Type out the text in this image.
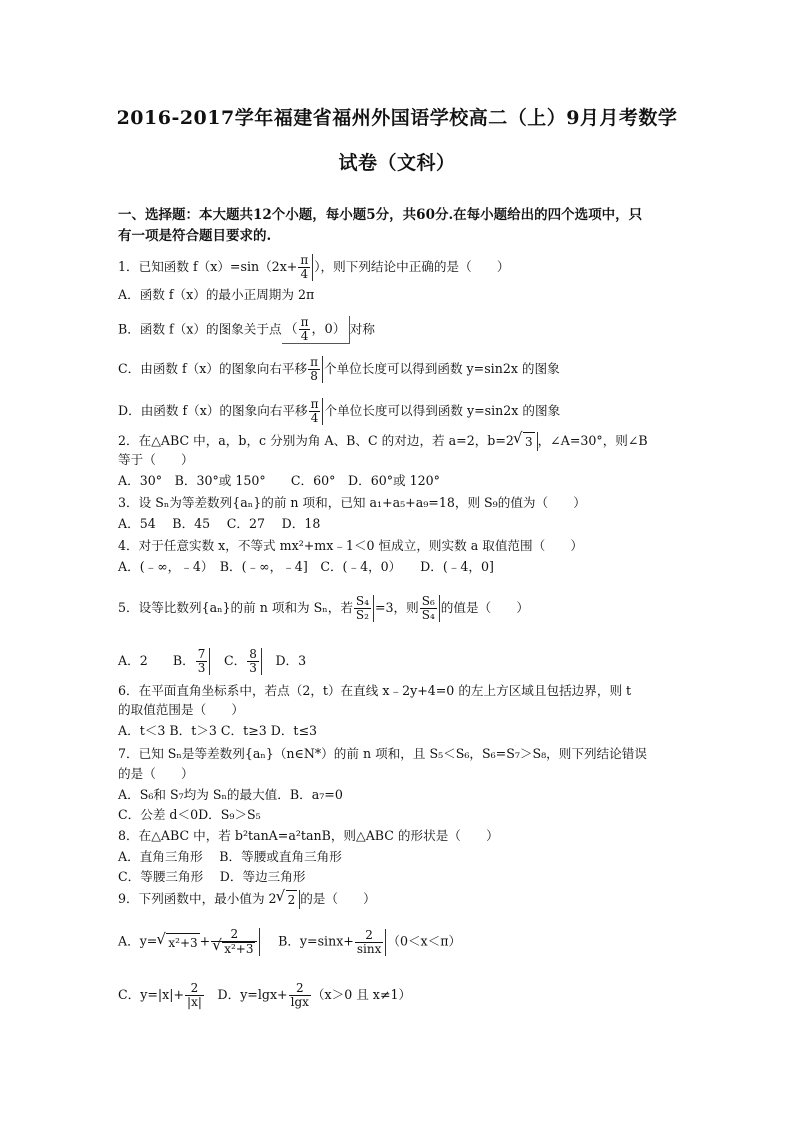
2016-2017学年福建省福州外国语学校高二（上）9月月考数学
试卷（文科）
一、选择题：本大题共12个小题，每小题5分，共60分.在每小题给出的四个选项中，只
有一项是符合题目要求的.
1．已知函数 $f(x)=\sin(2x+ \frac{\pi}{4}$ ），则下列结论中正确的是（　　）
A．函数 f（x）的最小正周期为 2π
B．函数 f（x）的图象关于点 （ $\frac{\pi}{4}$ ，0） 对称
C．由函数 f（x）的图象向右平移 $\frac{\pi}{8}$ 个单位长度可以得到函数 y=sin2x 的图象
D．由函数 f（x）的图象向右平移 $\frac{\pi}{4}$ 个单位长度可以得到函数 y=sin2x 的图象
2．在△ABC 中，a，b，c 分别为角 A、B、C 的对边，若 a=2，b=2 √ 3 ，∠A=30°，则∠B
等于（　　）
A．30°　B．30°或 150°　　C．60°　D．60°或 120°
3．设 Sₙ为等差数列{aₙ}的前 n 项和，已知 a₁+a₅+a₉=18，则 S₉的值为（　　）
A．54　 B．45　 C．27　 D．18
4．对于任意实数 x，不等式 mx²+mx﹣1＜0 恒成立，则实数 a 取值范围（　　）
A．(﹣∞，﹣4）　B．(﹣∞，﹣4]　C．(﹣4，0）　　D．(﹣4，0]
5．设等比数列{aₙ}的前 n 项和为 Sₙ，若 $\frac{\text{S₄}}{\text{S₂}} =3$，则 $\frac{\text{S₆}}{\text{S₄}}$ 的值是（　　）
A．2　　B． $\frac{7}{3}$ 　C． $\frac{8}{3}$ 　D．3
6．在平面直角坐标系中，若点（2，t）在直线 x﹣2y+4=0 的左上方区域且包括边界，则 t
的取值范围是（　　）
A．t＜3 B．t＞3 C．t≥3 D．t≤3
7．已知 Sₙ是等差数列{aₙ}（n∈N*）的前 n 项和，且 S₅＜S₆，S₆=S₇＞S₈，则下列结论错误
的是（　　）
A．S₆和 S₇均为 Sₙ的最大值．B．a₇=0
C．公差 d＜0D．S₉＞S₅
8．在△ABC 中，若 b²tanA=a²tanB，则△ABC 的形状是（　　）
A．直角三角形　 B．等腰或直角三角形
C．等腰三角形　 D．等边三角形
9．下列函数中，最小值为 2 √ 2 的是（　　）
A．y= √ x²+3 + 2
√ x²+3 　 B．$y=\sin x+ \frac{2}{\sin x} (0<x<\pi)$
C．$y=|x|+ \frac{2}{|x|}$ 　D．$y=\lg x+ \frac{2}{\lg x} (x>0$ 且 x≠1）
